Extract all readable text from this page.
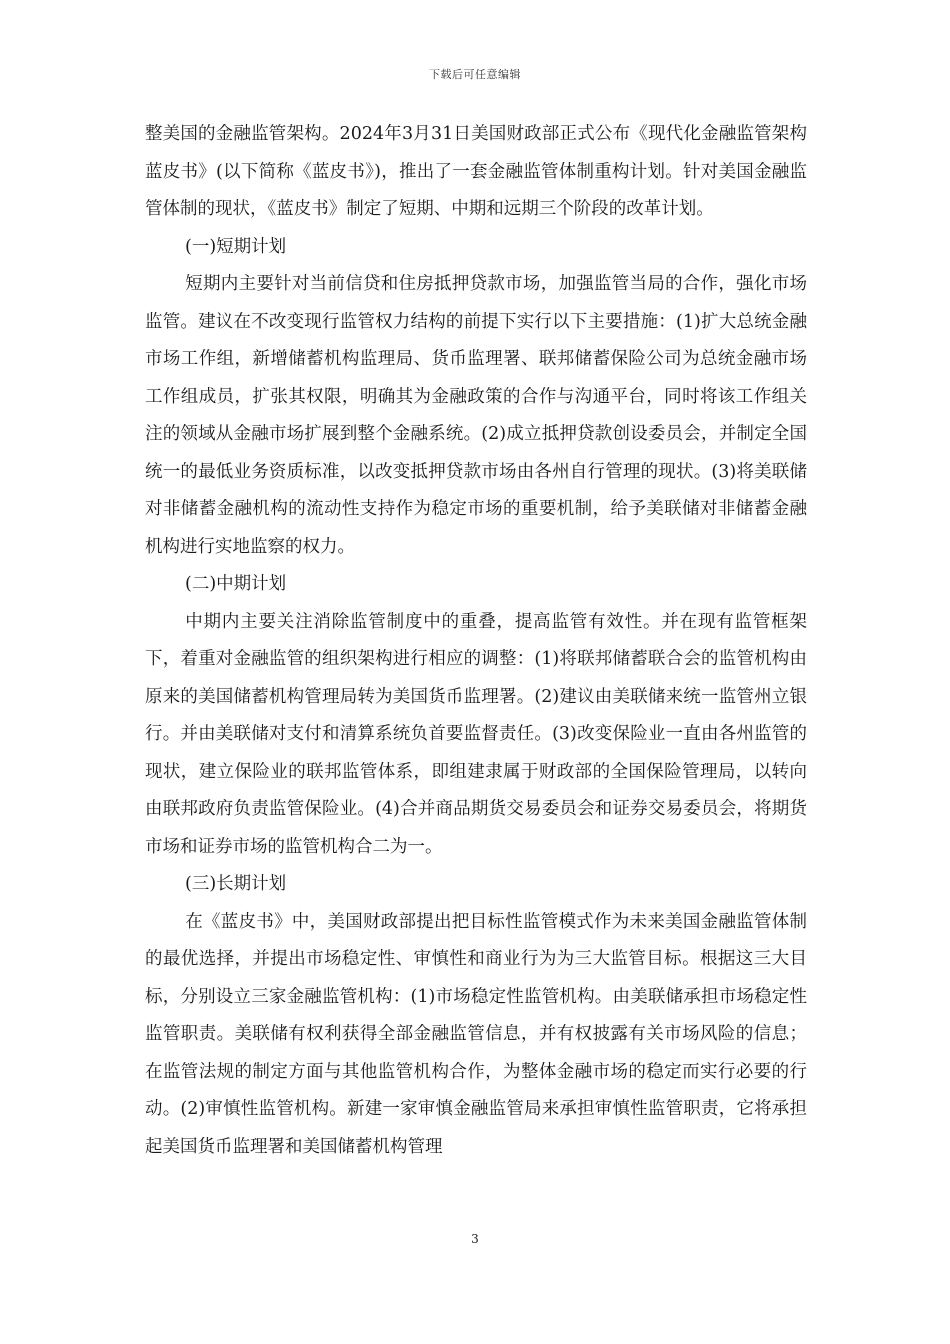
下载后可任意编辑

整美国的金融监管架构。2024年3月31日美国财政部正式公布《现代化金融监管架构蓝皮书》(以下简称《蓝皮书》)，推出了一套金融监管体制重构计划。针对美国金融监管体制的现状，《蓝皮书》制定了短期、中期和远期三个阶段的改革计划。

(一)短期计划

短期内主要针对当前信贷和住房抵押贷款市场，加强监管当局的合作，强化市场监管。建议在不改变现行监管权力结构的前提下实行以下主要措施：(1)扩大总统金融市场工作组，新增储蓄机构监理局、货币监理署、联邦储蓄保险公司为总统金融市场工作组成员，扩张其权限，明确其为金融政策的合作与沟通平台，同时将该工作组关注的领域从金融市场扩展到整个金融系统。(2)成立抵押贷款创设委员会，并制定全国统一的最低业务资质标准，以改变抵押贷款市场由各州自行管理的现状。(3)将美联储对非储蓄金融机构的流动性支持作为稳定市场的重要机制，给予美联储对非储蓄金融机构进行实地监察的权力。

(二)中期计划

中期内主要关注消除监管制度中的重叠，提高监管有效性。并在现有监管框架下，着重对金融监管的组织架构进行相应的调整：(1)将联邦储蓄联合会的监管机构由原来的美国储蓄机构管理局转为美国货币监理署。(2)建议由美联储来统一监管州立银行。并由美联储对支付和清算系统负首要监督责任。(3)改变保险业一直由各州监管的现状，建立保险业的联邦监管体系，即组建隶属于财政部的全国保险管理局，以转向由联邦政府负责监管保险业。(4)合并商品期货交易委员会和证券交易委员会，将期货市场和证券市场的监管机构合二为一。

(三)长期计划

在《蓝皮书》中，美国财政部提出把目标性监管模式作为未来美国金融监管体制的最优选择，并提出市场稳定性、审慎性和商业行为为三大监管目标。根据这三大目标，分别设立三家金融监管机构：(1)市场稳定性监管机构。由美联储承担市场稳定性监管职责。美联储有权利获得全部金融监管信息，并有权披露有关市场风险的信息；在监管法规的制定方面与其他监管机构合作，为整体金融市场的稳定而实行必要的行动。(2)审慎性监管机构。新建一家审慎金融监管局来承担审慎性监管职责，它将承担起美国货币监理署和美国储蓄机构管理

3
